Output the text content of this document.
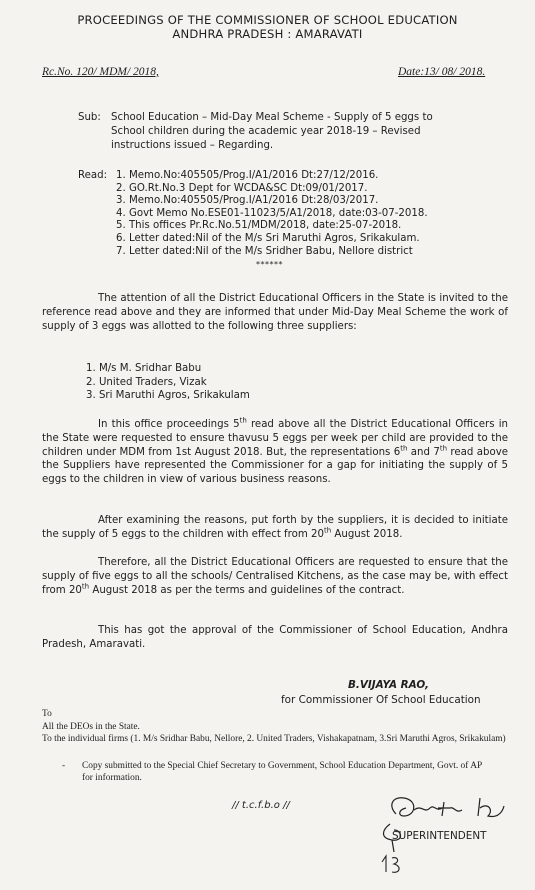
PROCEEDINGS OF THE COMMISSIONER OF SCHOOL EDUCATION
ANDHRA PRADESH : AMARAVATI
Rc.No. 120/ MDM/ 2018,	Date:13/ 08/ 2018.
Sub: School Education – Mid-Day Meal Scheme - Supply of 5 eggs to
School children during the academic year 2018-19 – Revised
instructions issued – Regarding.
Read: 1. Memo.No:405505/Prog.I/A1/2016 Dt:27/12/2016.
2. GO.Rt.No.3 Dept for WCDA&SC Dt:09/01/2017.
3. Memo.No:405505/Prog.I/A1/2016 Dt:28/03/2017.
4. Govt Memo No.ESE01-11023/5/A1/2018, date:03-07-2018.
5. This offices Pr.Rc.No.51/MDM/2018, date:25-07-2018.
6. Letter dated:Nil of the M/s Sri Maruthi Agros, Srikakulam.
7. Letter dated:Nil of the M/s Sridher Babu, Nellore district
******
The attention of all the District Educational Officers in the State is invited to the reference read above and they are informed that under Mid-Day Meal Scheme the work of supply of 3 eggs was allotted to the following three suppliers:
1. M/s M. Sridhar Babu
2. United Traders, Vizak
3. Sri Maruthi Agros, Srikakulam
In this office proceedings 5th read above all the District Educational Officers in the State were requested to ensure thavusu 5 eggs per week per child are provided to the children under MDM from 1st August 2018. But, the representations 6th and 7th read above the Suppliers have represented the Commissioner for a gap for initiating the supply of 5 eggs to the children in view of various business reasons.
After examining the reasons, put forth by the suppliers, it is decided to initiate the supply of 5 eggs to the children with effect from 20th August 2018.
Therefore, all the District Educational Officers are requested to ensure that the supply of five eggs to all the schools/ Centralised Kitchens, as the case may be, with effect from 20th August 2018 as per the terms and guidelines of the contract.
This has got the approval of the Commissioner of School Education, Andhra Pradesh, Amaravati.
B.VIJAYA RAO,
for Commissioner Of School Education
To
All the DEOs in the State.
To the individual firms (1. M/s Sridhar Babu, Nellore, 2. United Traders, Vishakapatnam, 3.Sri Maruthi Agros, Srikakulam)
- Copy submitted to the Special Chief Secretary to Government, School Education Department, Govt. of AP for information.
// t.c.f.b.o //
SUPERINTENDENT
